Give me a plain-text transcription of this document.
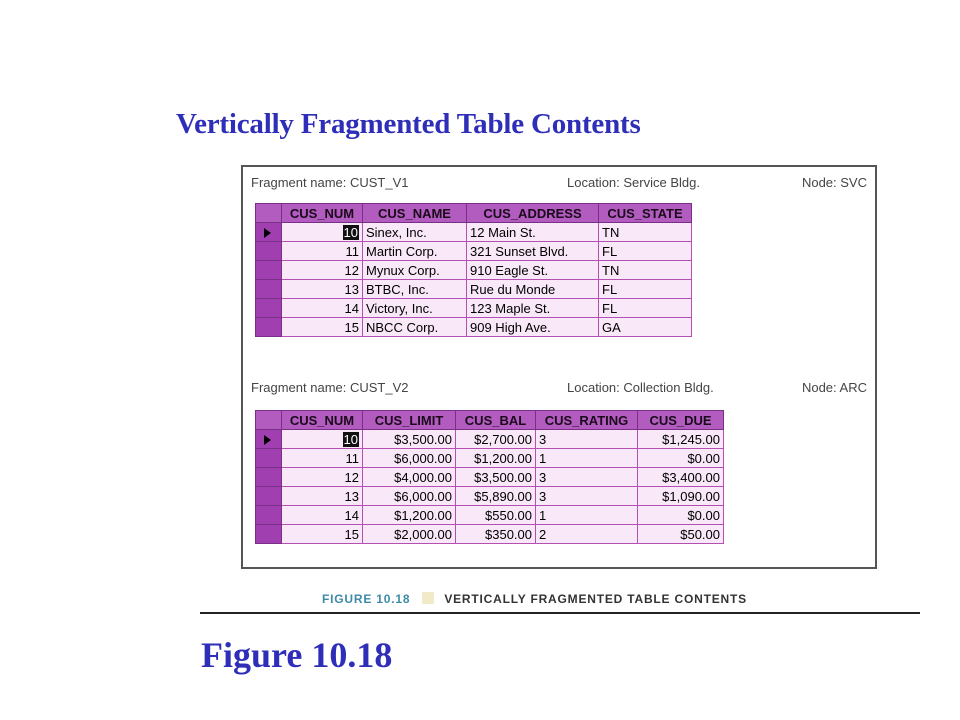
Vertically Fragmented Table Contents
Fragment name: CUST_V1	Location: Service Bldg.	Node: SVC
	CUS_NUM	CUS_NAME	CUS_ADDRESS	CUS_STATE
	10	Sinex, Inc.	12 Main St.	TN
	11	Martin Corp.	321 Sunset Blvd.	FL
	12	Mynux Corp.	910 Eagle St.	TN
	13	BTBC, Inc.	Rue du Monde	FL
	14	Victory, Inc.	123 Maple St.	FL
	15	NBCC Corp.	909 High Ave.	GA
Fragment name: CUST_V2	Location: Collection Bldg.	Node: ARC
	CUS_NUM	CUS_LIMIT	CUS_BAL	CUS_RATING	CUS_DUE
	10	$3,500.00	$2,700.00	3	$1,245.00
	11	$6,000.00	$1,200.00	1	$0.00
	12	$4,000.00	$3,500.00	3	$3,400.00
	13	$6,000.00	$5,890.00	3	$1,090.00
	14	$1,200.00	$550.00	1	$0.00
	15	$2,000.00	$350.00	2	$50.00
FIGURE 10.18	VERTICALLY FRAGMENTED TABLE CONTENTS
Figure 10.18
